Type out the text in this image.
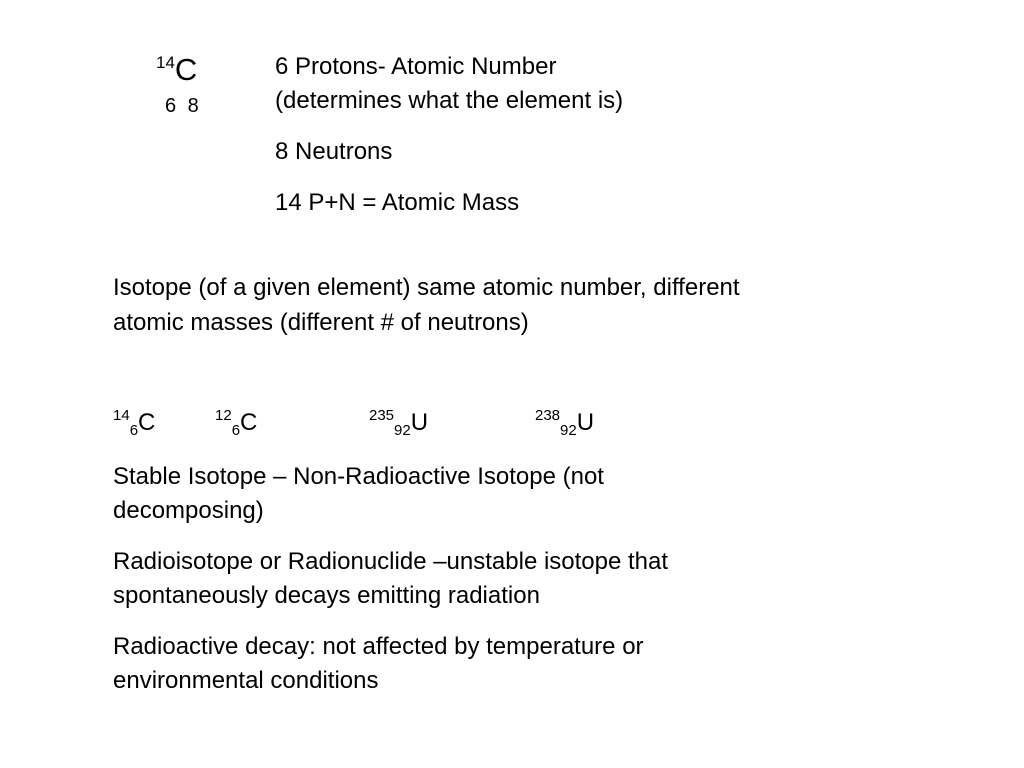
$^{14}$C
6 8
6 Protons- Atomic Number
(determines what the element is)
8 Neutrons
14 P+N = Atomic Mass
Isotope (of a given element) same atomic number, different
atomic masses (different # of neutrons)
$^{14}_6$C	$^{12}_6$C	$^{235}_{92}$U	$^{238}_{92}$U
Stable Isotope – Non-Radioactive Isotope (not
decomposing)
Radioisotope or Radionuclide –unstable isotope that
spontaneously decays emitting radiation
Radioactive decay: not affected by temperature or
environmental conditions
